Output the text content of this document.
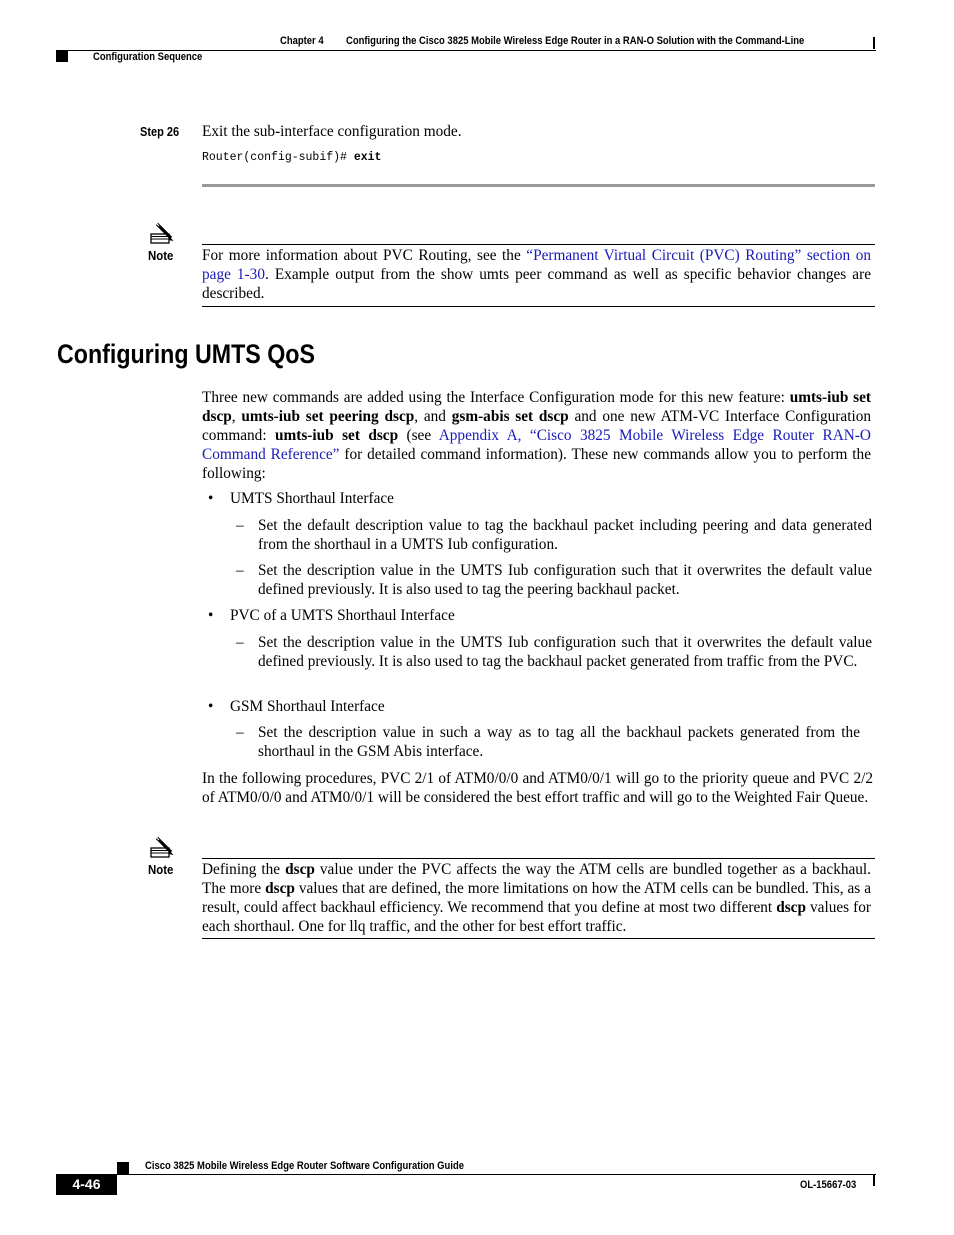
Chapter 4 Configuring the Cisco 3825 Mobile Wireless Edge Router in a RAN-O Solution with the Command-Line
Configuration Sequence
Step 26 Exit the sub-interface configuration mode.
Router(config-subif)# exit
Note For more information about PVC Routing, see the “Permanent Virtual Circuit (PVC) Routing” section on page 1-30. Example output from the show umts peer command as well as specific behavior changes are described.
Configuring UMTS QoS
Three new commands are added using the Interface Configuration mode for this new feature: umts-iub set dscp, umts-iub set peering dscp, and gsm-abis set dscp and one new ATM-VC Interface Configuration command: umts-iub set dscp (see Appendix A, “Cisco 3825 Mobile Wireless Edge Router RAN-O Command Reference” for detailed command information). These new commands allow you to perform the following:
• UMTS Shorthaul Interface
– Set the default description value to tag the backhaul packet including peering and data generated from the shorthaul in a UMTS Iub configuration.
– Set the description value in the UMTS Iub configuration such that it overwrites the default value defined previously. It is also used to tag the peering backhaul packet.
• PVC of a UMTS Shorthaul Interface
– Set the description value in the UMTS Iub configuration such that it overwrites the default value defined previously. It is also used to tag the backhaul packet generated from traffic from the PVC.
• GSM Shorthaul Interface
– Set the description value in such a way as to tag all the backhaul packets generated from the shorthaul in the GSM Abis interface.
In the following procedures, PVC 2/1 of ATM0/0/0 and ATM0/0/1 will go to the priority queue and PVC 2/2 of ATM0/0/0 and ATM0/0/1 will be considered the best effort traffic and will go to the Weighted Fair Queue.
Note Defining the dscp value under the PVC affects the way the ATM cells are bundled together as a backhaul. The more dscp values that are defined, the more limitations on how the ATM cells can be bundled. This, as a result, could affect backhaul efficiency. We recommend that you define at most two different dscp values for each shorthaul. One for llq traffic, and the other for best effort traffic.
Cisco 3825 Mobile Wireless Edge Router Software Configuration Guide
4-46	OL-15667-03
